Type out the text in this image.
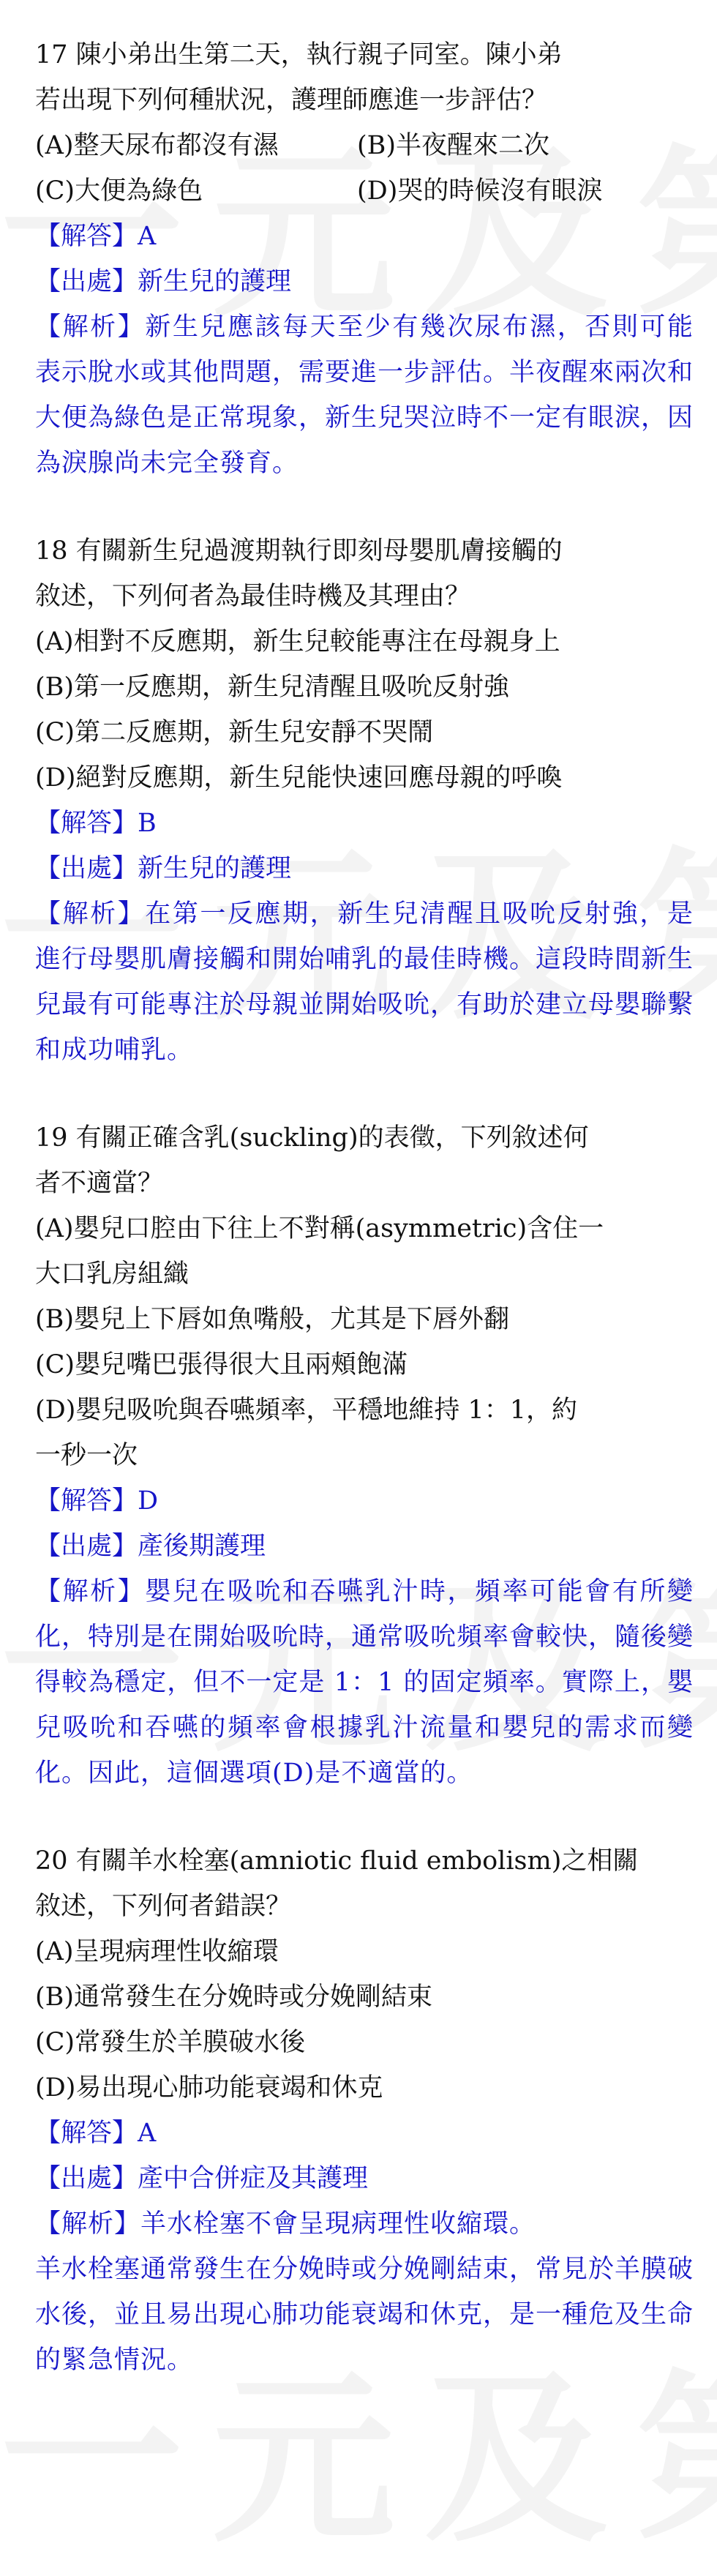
17 陳小弟出生第二天，執行親子同室。陳小弟
若出現下列何種狀況，護理師應進一步評估？
(A)整天尿布都沒有濕	(B)半夜醒來二次
(C)大便為綠色	(D)哭的時候沒有眼淚
【解答】A
【出處】新生兒的護理
【解析】新生兒應該每天至少有幾次尿布濕，否則可能表示脫水或其他問題，需要進一步評估。半夜醒來兩次和大便為綠色是正常現象，新生兒哭泣時不一定有眼淚，因為淚腺尚未完全發育。
18 有關新生兒過渡期執行即刻母嬰肌膚接觸的
敘述，下列何者為最佳時機及其理由？
(A)相對不反應期，新生兒較能專注在母親身上
(B)第一反應期，新生兒清醒且吸吮反射強
(C)第二反應期，新生兒安靜不哭鬧
(D)絕對反應期，新生兒能快速回應母親的呼喚
【解答】B
【出處】新生兒的護理
【解析】在第一反應期，新生兒清醒且吸吮反射強，是進行母嬰肌膚接觸和開始哺乳的最佳時機。這段時間新生兒最有可能專注於母親並開始吸吮，有助於建立母嬰聯繫和成功哺乳。
19 有關正確含乳(suckling)的表徵，下列敘述何
者不適當？
(A)嬰兒口腔由下往上不對稱(asymmetric)含住一
大口乳房組織
(B)嬰兒上下唇如魚嘴般，尤其是下唇外翻
(C)嬰兒嘴巴張得很大且兩頰飽滿
(D)嬰兒吸吮與吞嚥頻率，平穩地維持 1：1，約
一秒一次
【解答】D
【出處】產後期護理
【解析】嬰兒在吸吮和吞嚥乳汁時，頻率可能會有所變化，特別是在開始吸吮時，通常吸吮頻率會較快，隨後變得較為穩定，但不一定是 1：1 的固定頻率。實際上，嬰兒吸吮和吞嚥的頻率會根據乳汁流量和嬰兒的需求而變化。因此，這個選項(D)是不適當的。
20 有關羊水栓塞(amniotic fluid embolism)之相關
敘述，下列何者錯誤？
(A)呈現病理性收縮環
(B)通常發生在分娩時或分娩剛結束
(C)常發生於羊膜破水後
(D)易出現心肺功能衰竭和休克
【解答】A
【出處】產中合併症及其護理
【解析】羊水栓塞不會呈現病理性收縮環。
羊水栓塞通常發生在分娩時或分娩剛結束，常見於羊膜破水後，並且易出現心肺功能衰竭和休克，是一種危及生命的緊急情況。
